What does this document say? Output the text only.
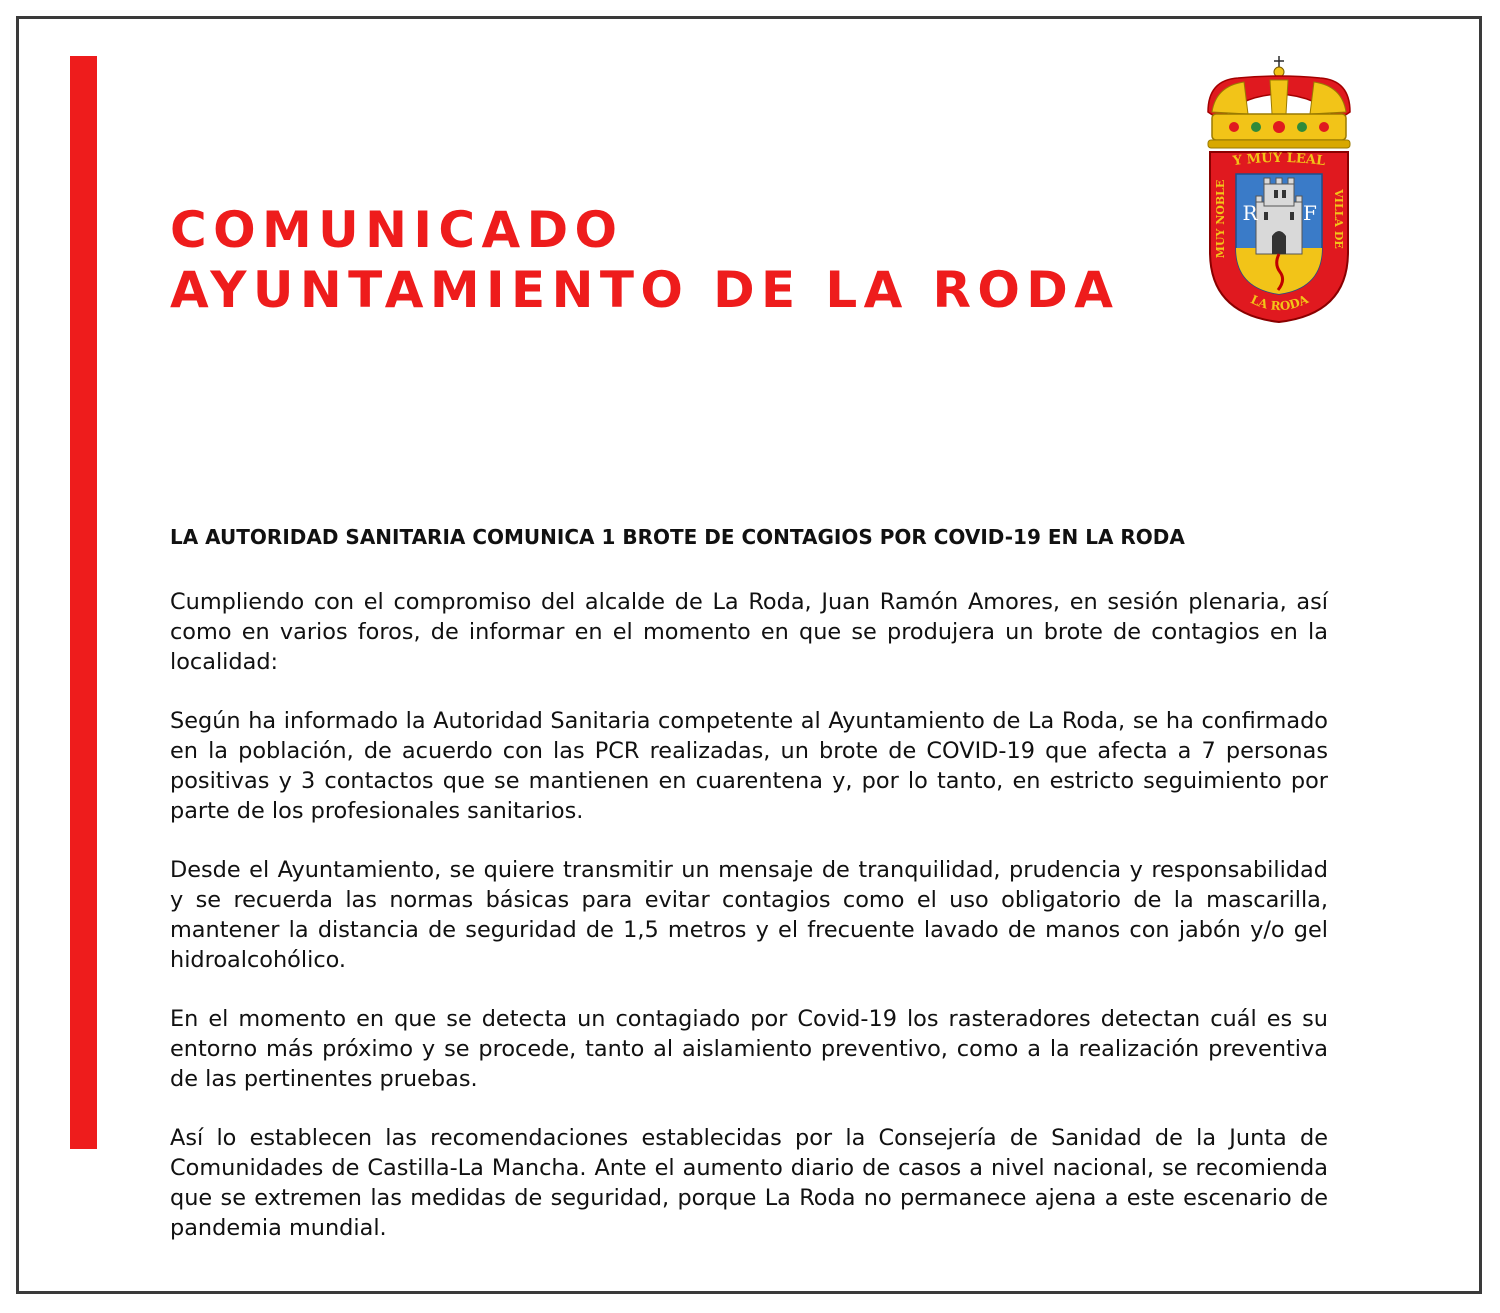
COMUNICADO
AYUNTAMIENTO DE LA RODA
R F
Y MUY LEAL
MUY NOBLE
VILLA DE
LA RODA
LA AUTORIDAD SANITARIA COMUNICA 1 BROTE DE CONTAGIOS POR COVID-19 EN LA RODA

Cumpliendo con el compromiso del alcalde de La Roda, Juan Ramón Amores, en sesión plenaria, así como en varios foros, de informar en el momento en que se produjera un brote de contagios en la localidad:

Según ha informado la Autoridad Sanitaria competente al Ayuntamiento de La Roda, se ha confirmado en la población, de acuerdo con las PCR realizadas, un brote de COVID-19 que afecta a 7 personas positivas y 3 contactos que se mantienen en cuarentena y, por lo tanto, en estricto seguimiento por parte de los profesionales sanitarios.

Desde el Ayuntamiento, se quiere transmitir un mensaje de tranquilidad, prudencia y responsabilidad y se recuerda las normas básicas para evitar contagios como el uso obligatorio de la mascarilla, mantener la distancia de seguridad de 1,5 metros y el frecuente lavado de manos con jabón y/o gel hidroalcohólico.

En el momento en que se detecta un contagiado por Covid-19 los rasteradores detectan cuál es su entorno más próximo y se procede, tanto al aislamiento preventivo, como a la realización preventiva de las pertinentes pruebas.

Así lo establecen las recomendaciones establecidas por la Consejería de Sanidad de la Junta de Comunidades de Castilla-La Mancha. Ante el aumento diario de casos a nivel nacional, se recomienda que se extremen las medidas de seguridad, porque La Roda no permanece ajena a este escenario de pandemia mundial.
